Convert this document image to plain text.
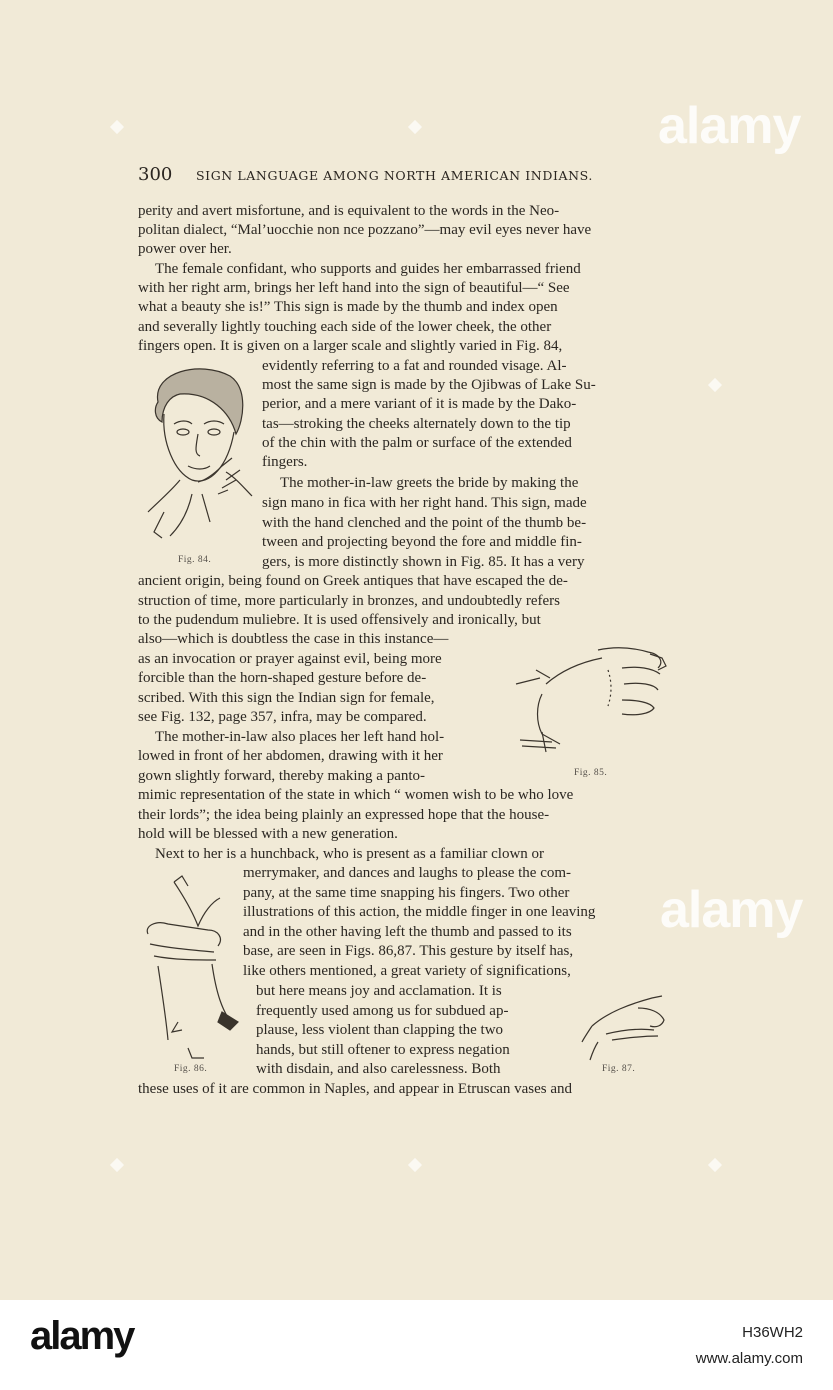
300 SIGN LANGUAGE AMONG NORTH AMERICAN INDIANS.
perity and avert misfortune, and is equivalent to the words in the Neo-
politan dialect, “Mal’uocchie non nce pozzano”—may evil eyes never have
power over her.
The female confidant, who supports and guides her embarrassed friend
with her right arm, brings her left hand into the sign of beautiful—“ See
what a beauty she is!” This sign is made by the thumb and index open
and severally lightly touching each side of the lower cheek, the other
fingers open. It is given on a larger scale and slightly varied in Fig. 84,
evidently referring to a fat and rounded visage. Al-
most the same sign is made by the Ojibwas of Lake Su-
perior, and a mere variant of it is made by the Dako-
tas—stroking the cheeks alternately down to the tip
of the chin with the palm or surface of the extended
fingers.
The mother-in-law greets the bride by making the
sign mano in fica with her right hand. This sign, made
with the hand clenched and the point of the thumb be-
tween and projecting beyond the fore and middle fin-
gers, is more distinctly shown in Fig. 85. It has a very
ancient origin, being found on Greek antiques that have escaped the de-
struction of time, more particularly in bronzes, and undoubtedly refers
to the pudendum muliebre. It is used offensively and ironically, but
also—which is doubtless the case in this instance—
as an invocation or prayer against evil, being more
forcible than the horn-shaped gesture before de-
scribed. With this sign the Indian sign for female,
see Fig. 132, page 357, infra, may be compared.
The mother-in-law also places her left hand hol-
lowed in front of her abdomen, drawing with it her
gown slightly forward, thereby making a panto-
mimic representation of the state in which “ women wish to be who love
their lords”; the idea being plainly an expressed hope that the house-
hold will be blessed with a new generation.
Next to her is a hunchback, who is present as a familiar clown or
merrymaker, and dances and laughs to please the com-
pany, at the same time snapping his fingers. Two other
illustrations of this action, the middle finger in one leaving
and in the other having left the thumb and passed to its
base, are seen in Figs. 86,87. This gesture by itself has,
like others mentioned, a great variety of significations,
but here means joy and acclamation. It is
frequently used among us for subdued ap-
plause, less violent than clapping the two
hands, but still oftener to express negation
with disdain, and also carelessness. Both
these uses of it are common in Naples, and appear in Etruscan vases and
Fig. 84.
Fig. 85.
Fig. 86.	Fig. 87.
alamy
alamy
alamy	H36WH2
www.alamy.com
